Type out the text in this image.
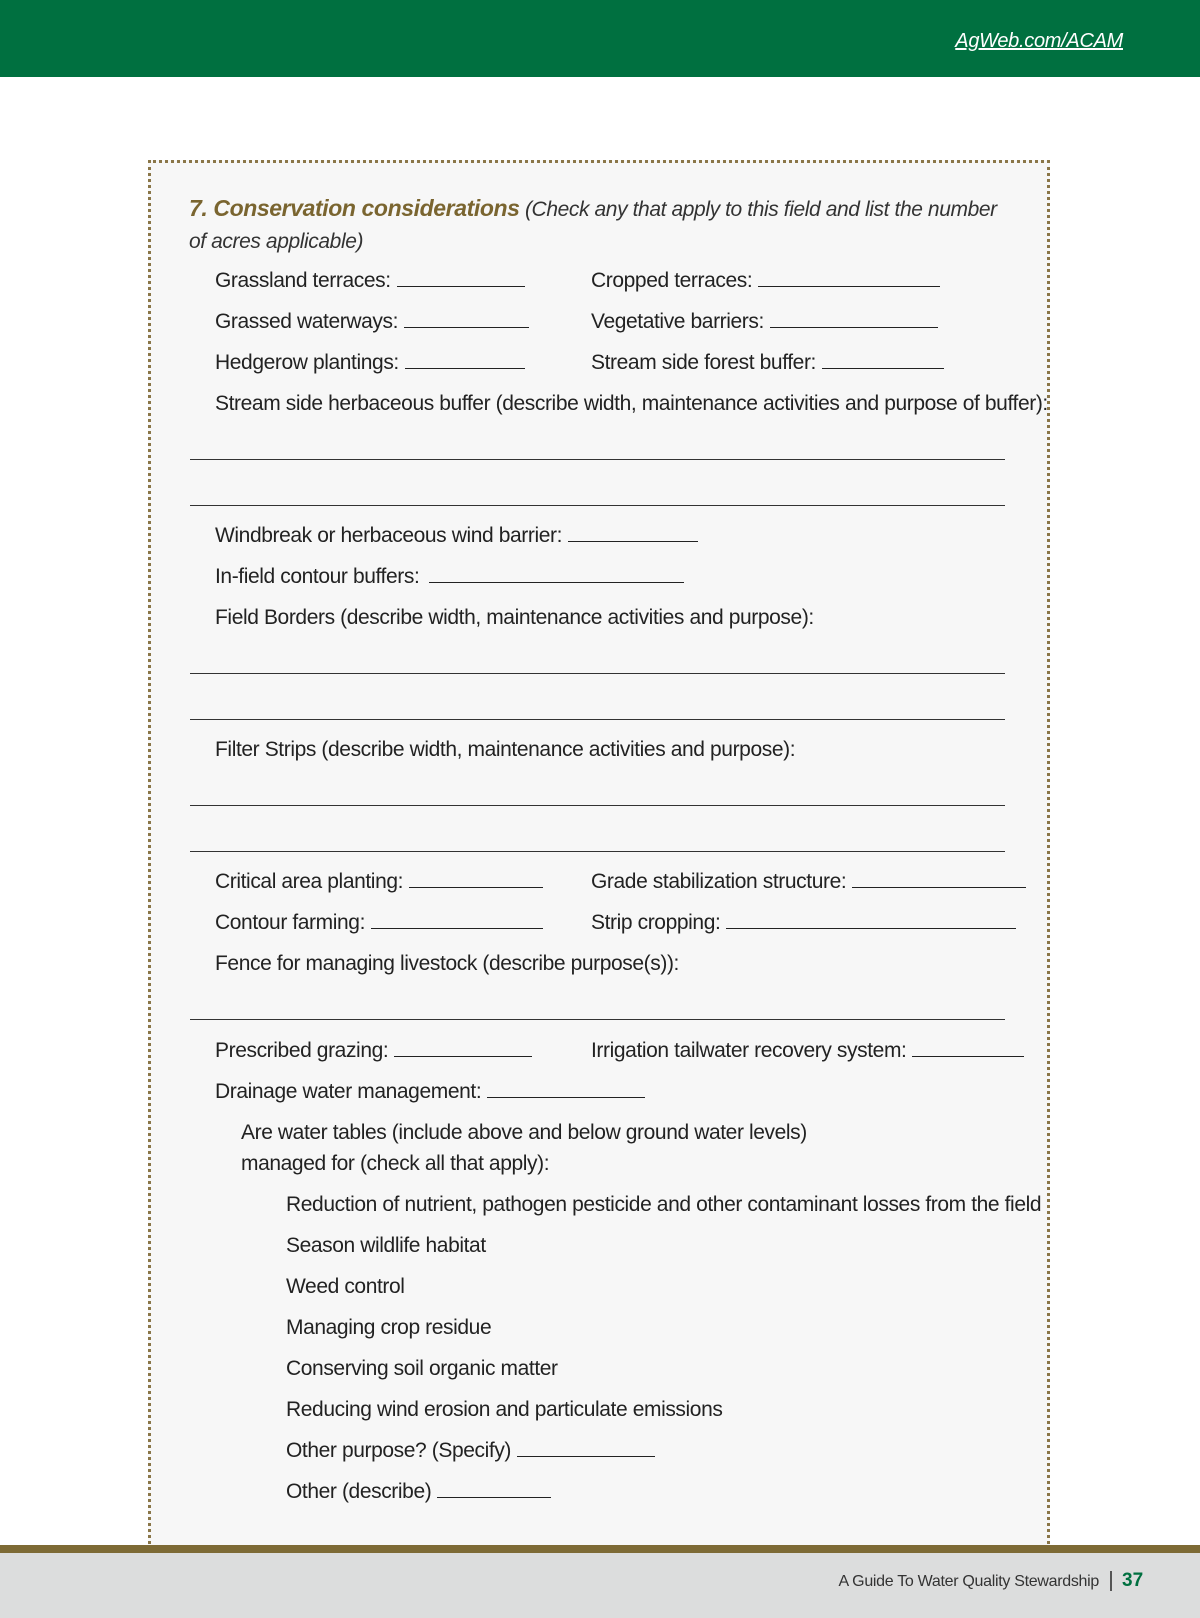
AgWeb.com/ACAM
7. Conservation considerations (Check any that apply to this field and list the number of acres applicable)
Grassland terraces:	Cropped terraces:
Grassed waterways:	Vegetative barriers:
Hedgerow plantings:	Stream side forest buffer:
Stream side herbaceous buffer (describe width, maintenance activities and purpose of buffer):
Windbreak or herbaceous wind barrier:
In-field contour buffers:
Field Borders (describe width, maintenance activities and purpose):
Filter Strips (describe width, maintenance activities and purpose):
Critical area planting:	Grade stabilization structure:
Contour farming:	Strip cropping:
Fence for managing livestock (describe purpose(s)):
Prescribed grazing:	Irrigation tailwater recovery system:
Drainage water management:
Are water tables (include above and below ground water levels)
managed for (check all that apply):
Reduction of nutrient, pathogen pesticide and other contaminant losses from the field
Season wildlife habitat
Weed control
Managing crop residue
Conserving soil organic matter
Reducing wind erosion and particulate emissions
Other purpose? (Specify)
Other (describe)
A Guide To Water Quality Stewardship 37
